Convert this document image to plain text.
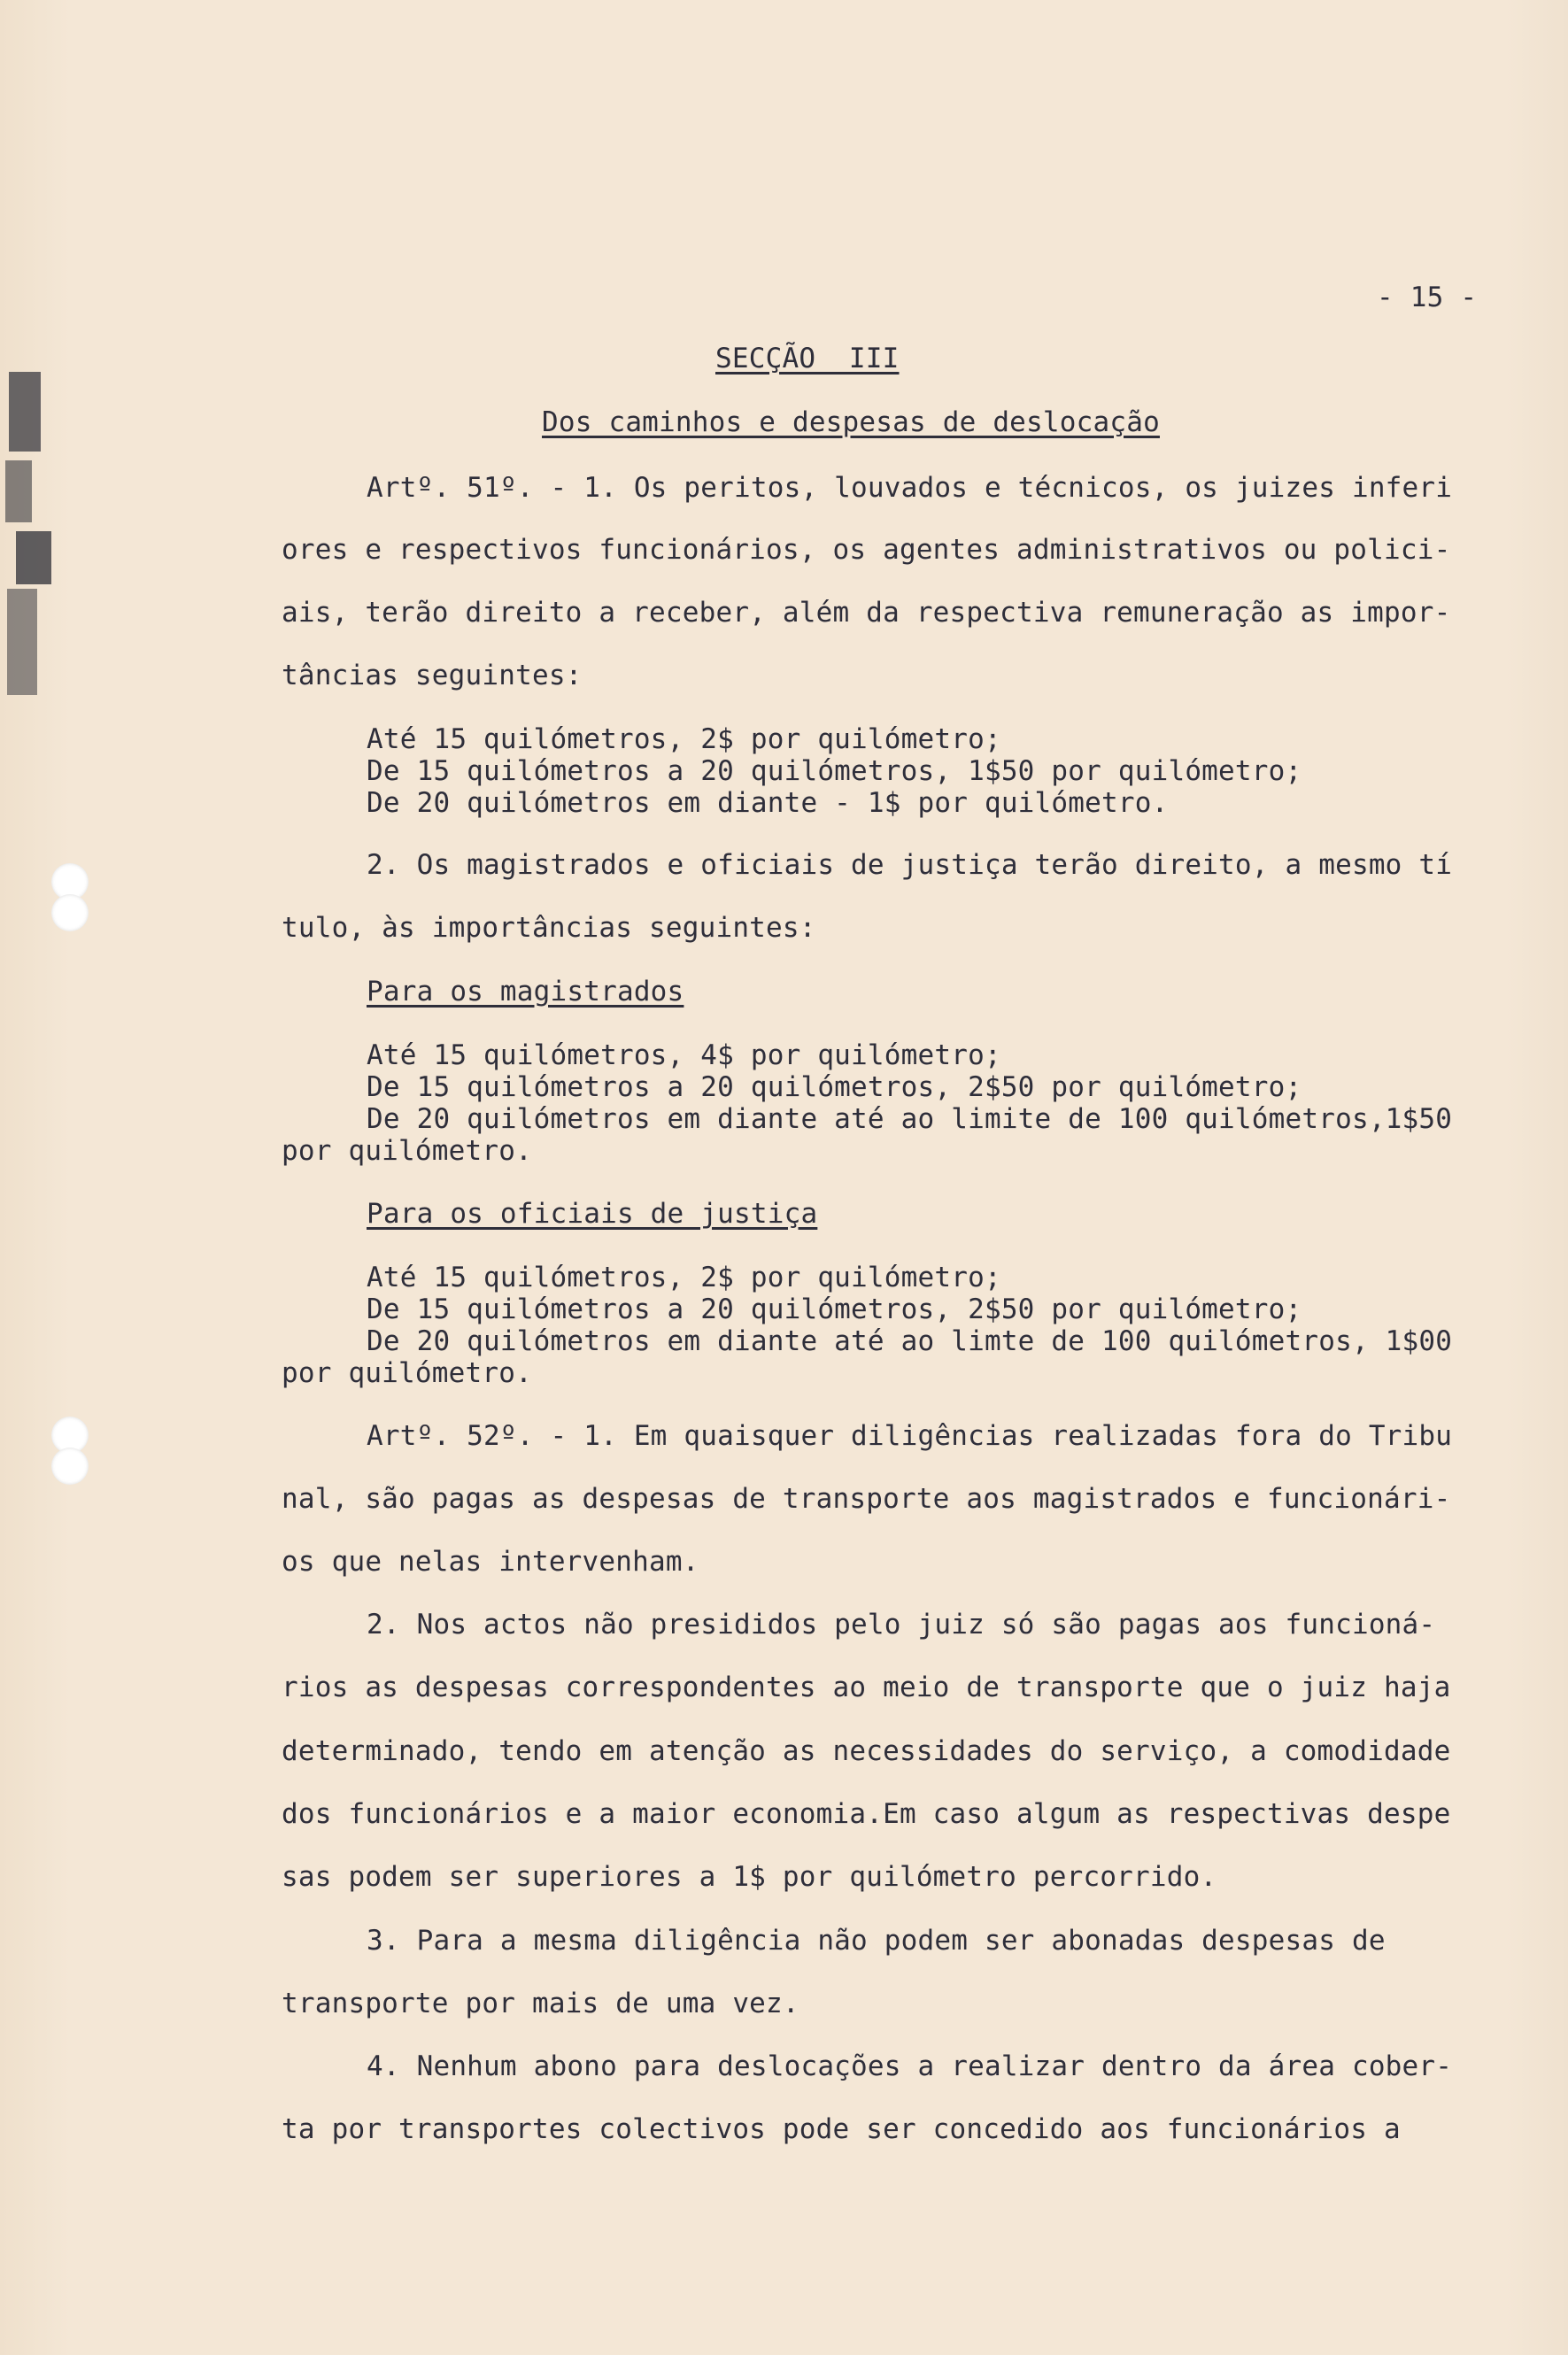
- 15 -
SECÇÃO  III
Dos caminhos e despesas de deslocação
Artº. 51º. - 1. Os peritos, louvados e técnicos, os juizes inferi
ores e respectivos funcionários, os agentes administrativos ou polici-
ais, terão direito a receber, além da respectiva remuneração as impor-
tâncias seguintes:
Até 15 quilómetros, 2$ por quilómetro;
De 15 quilómetros a 20 quilómetros, 1$50 por quilómetro;
De 20 quilómetros em diante - 1$ por quilómetro.
2. Os magistrados e oficiais de justiça terão direito, a mesmo tí
tulo, às importâncias seguintes:
Para os magistrados
Até 15 quilómetros, 4$ por quilómetro;
De 15 quilómetros a 20 quilómetros, 2$50 por quilómetro;
De 20 quilómetros em diante até ao limite de 100 quilómetros,1$50
por quilómetro.
Para os oficiais de justiça
Até 15 quilómetros, 2$ por quilómetro;
De 15 quilómetros a 20 quilómetros, 2$50 por quilómetro;
De 20 quilómetros em diante até ao limte de 100 quilómetros, 1$00
por quilómetro.
Artº. 52º. - 1. Em quaisquer diligências realizadas fora do Tribu
nal, são pagas as despesas de transporte aos magistrados e funcionári-
os que nelas intervenham.
2. Nos actos não presididos pelo juiz só são pagas aos funcioná-
rios as despesas correspondentes ao meio de transporte que o juiz haja
determinado, tendo em atenção as necessidades do serviço, a comodidade
dos funcionários e a maior economia.Em caso algum as respectivas despe
sas podem ser superiores a 1$ por quilómetro percorrido.
3. Para a mesma diligência não podem ser abonadas despesas de
transporte por mais de uma vez.
4. Nenhum abono para deslocações a realizar dentro da área cober-
ta por transportes colectivos pode ser concedido aos funcionários a
